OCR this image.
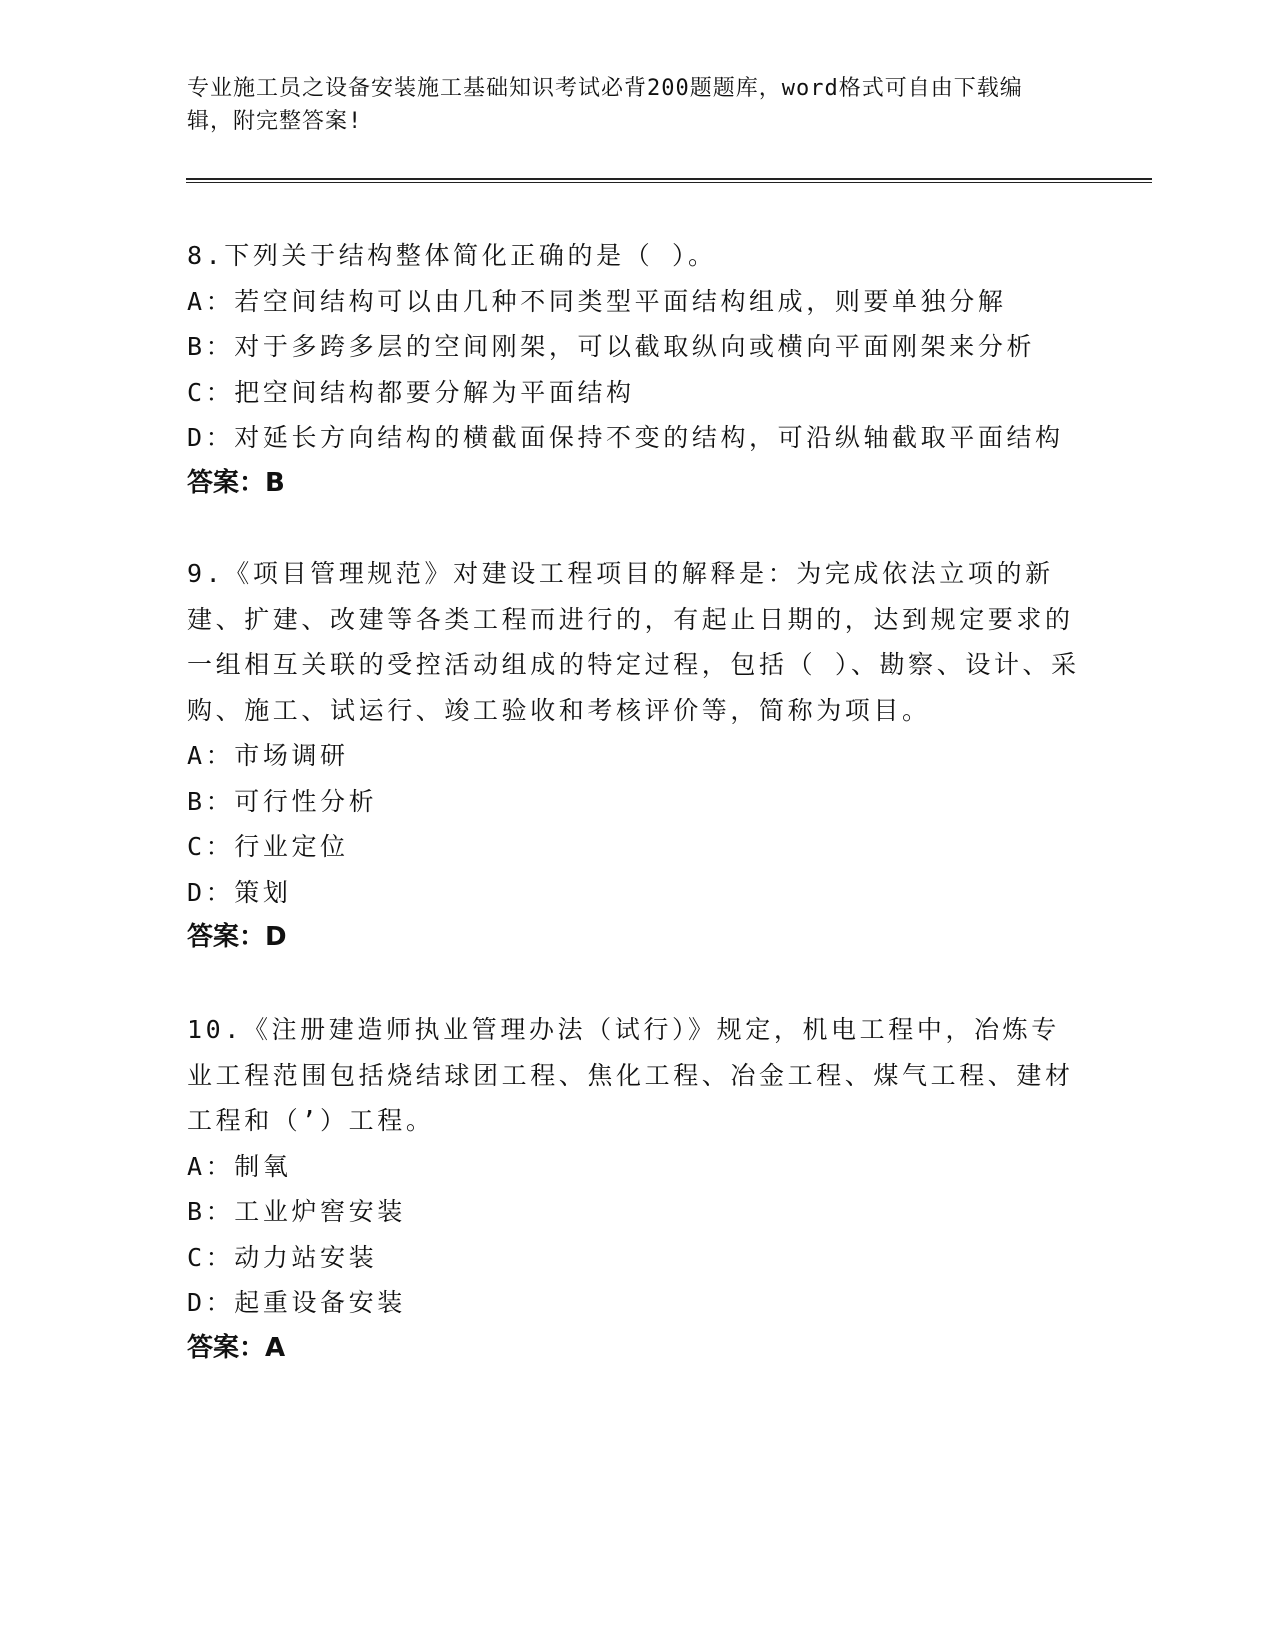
专业施工员之设备安装施工基础知识考试必背200题题库，word格式可自由下载编辑，附完整答案!

8.下列关于结构整体简化正确的是（ ）。

A：若空间结构可以由几种不同类型平面结构组成，则要单独分解

B：对于多跨多层的空间刚架，可以截取纵向或横向平面刚架来分析

C：把空间结构都要分解为平面结构

D：对延长方向结构的横截面保持不变的结构，可沿纵轴截取平面结构

答案：B

9.《项目管理规范》对建设工程项目的解释是：为完成依法立项的新建、扩建、改建等各类工程而进行的，有起止日期的，达到规定要求的一组相互关联的受控活动组成的特定过程，包括（ ）、勘察、设计、采购、施工、试运行、竣工验收和考核评价等，简称为项目。

A：市场调研

B：可行性分析

C：行业定位

D：策划

答案：D

10.《注册建造师执业管理办法（试行）》规定，机电工程中，冶炼专业工程范围包括烧结球团工程、焦化工程、冶金工程、煤气工程、建材工程和（’）工程。

A：制氧

B：工业炉窖安装

C：动力站安装

D：起重设备安装

答案：A
